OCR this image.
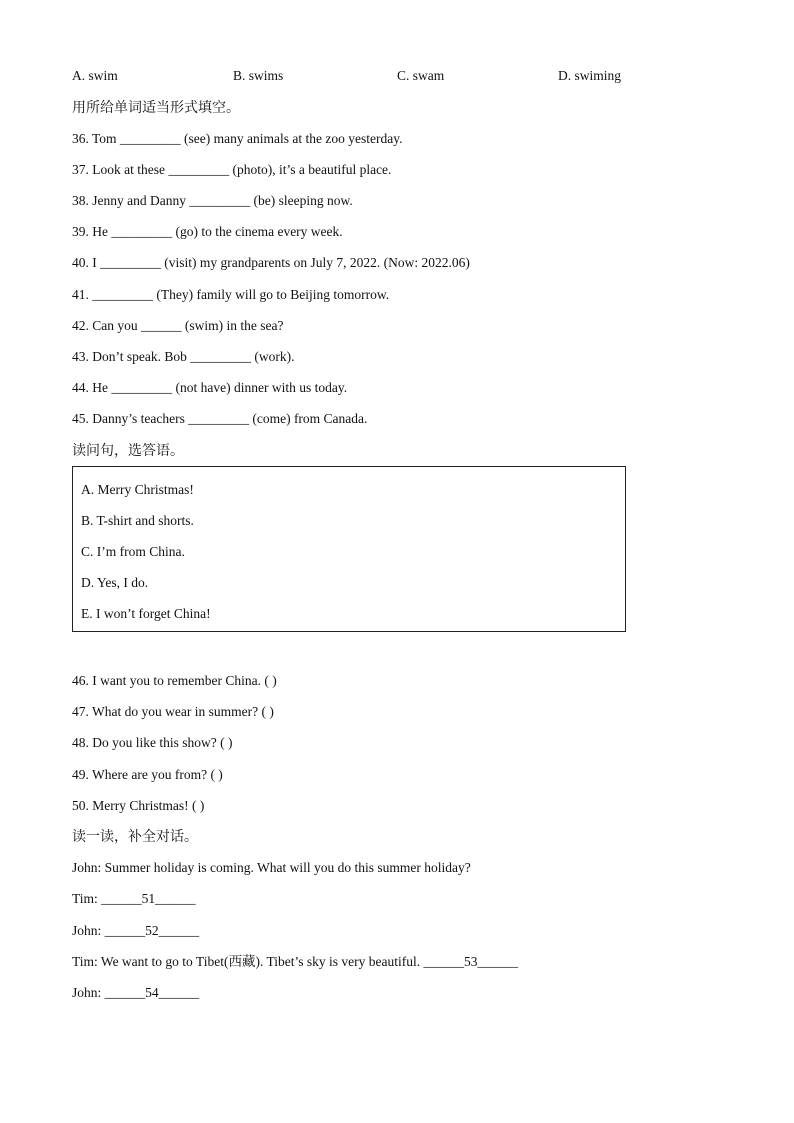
A. swim	B. swims	C. swam	D. swiming
用所给单词适当形式填空。
36. Tom _________ (see) many animals at the zoo yesterday.
37. Look at these _________ (photo), it’s a beautiful place.
38. Jenny and Danny _________ (be) sleeping now.
39. He _________ (go) to the cinema every week.
40. I _________ (visit) my grandparents on July 7, 2022. (Now: 2022.06)
41. _________ (They) family will go to Beijing tomorrow.
42. Can you ______ (swim) in the sea?
43. Don’t speak. Bob _________ (work).
44. He _________ (not have) dinner with us today.
45. Danny’s teachers _________ (come) from Canada.
读问句，选答语。
A. Merry Christmas!
B. T-shirt and shorts.
C. I’m from China.
D. Yes, I do.
E. I won’t forget China!
46. I want you to remember China. ( )
47. What do you wear in summer? ( )
48. Do you like this show? ( )
49. Where are you from? ( )
50. Merry Christmas! ( )
读一读，补全对话。
John: Summer holiday is coming. What will you do this summer holiday?
Tim: ______51______
John: ______52______
Tim: We want to go to Tibet(西藏). Tibet’s sky is very beautiful. ______53______
John: ______54______
